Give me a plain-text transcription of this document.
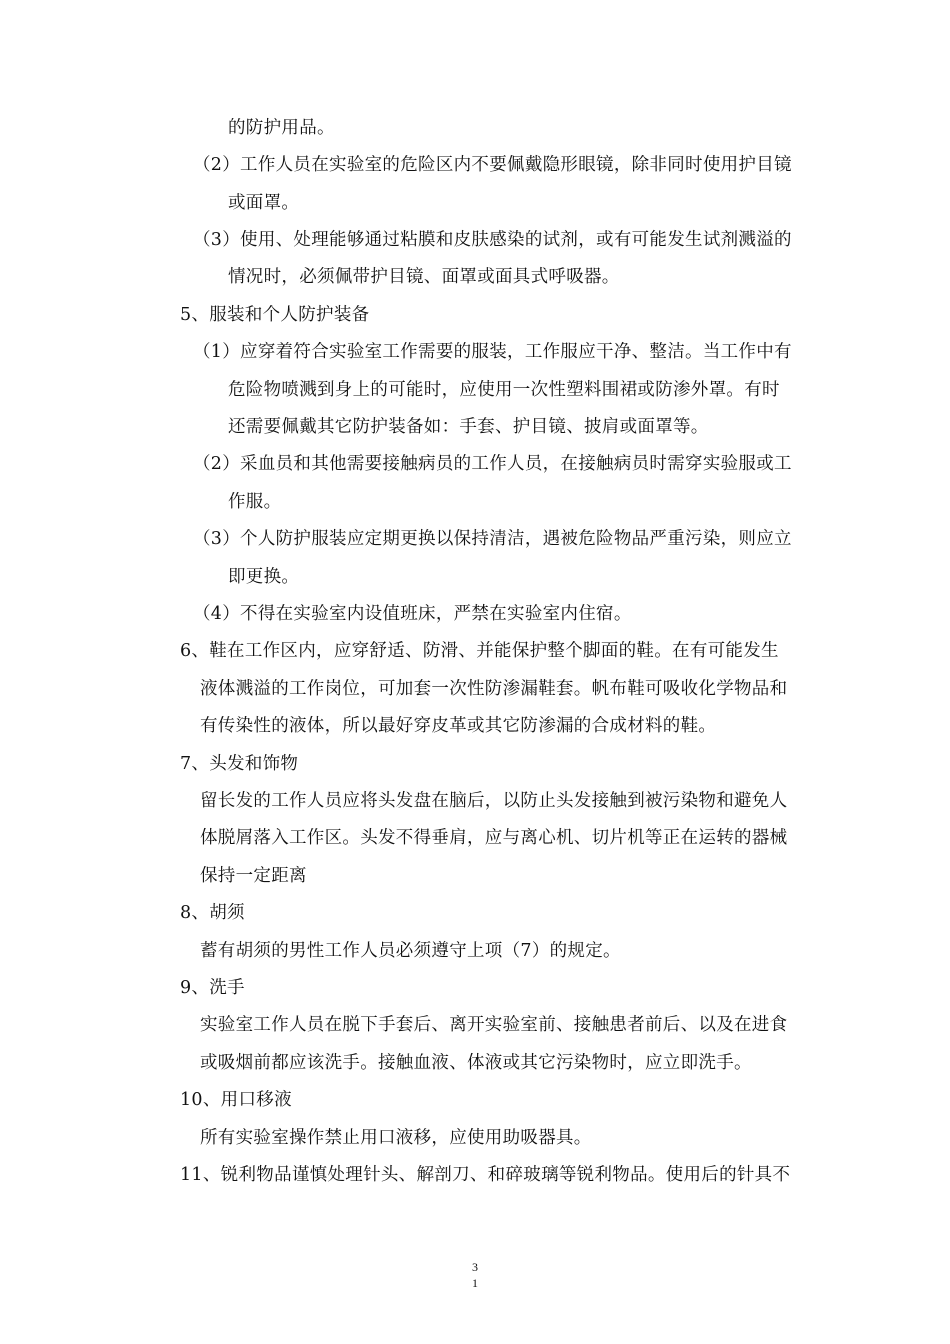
的防护用品。
（2）工作人员在实验室的危险区内不要佩戴隐形眼镜，除非同时使用护目镜
或面罩。
（3）使用、处理能够通过粘膜和皮肤感染的试剂，或有可能发生试剂溅溢的
情况时，必须佩带护目镜、面罩或面具式呼吸器。
5、服装和个人防护装备
（1）应穿着符合实验室工作需要的服装，工作服应干净、整洁。当工作中有
危险物喷溅到身上的可能时，应使用一次性塑料围裙或防渗外罩。有时
还需要佩戴其它防护装备如：手套、护目镜、披肩或面罩等。
（2）采血员和其他需要接触病员的工作人员，在接触病员时需穿实验服或工
作服。
（3）个人防护服装应定期更换以保持清洁，遇被危险物品严重污染，则应立
即更换。
（4）不得在实验室内设值班床，严禁在实验室内住宿。
6、鞋在工作区内，应穿舒适、防滑、并能保护整个脚面的鞋。在有可能发生
液体溅溢的工作岗位，可加套一次性防渗漏鞋套。帆布鞋可吸收化学物品和
有传染性的液体，所以最好穿皮革或其它防渗漏的合成材料的鞋。
7、头发和饰物
留长发的工作人员应将头发盘在脑后，以防止头发接触到被污染物和避免人
体脱屑落入工作区。头发不得垂肩，应与离心机、切片机等正在运转的器械
保持一定距离
8、胡须
蓄有胡须的男性工作人员必须遵守上项（7）的规定。
9、洗手
实验室工作人员在脱下手套后、离开实验室前、接触患者前后、以及在进食
或吸烟前都应该洗手。接触血液、体液或其它污染物时，应立即洗手。
10、用口移液
所有实验室操作禁止用口液移，应使用助吸器具。
11、锐利物品谨慎处理针头、解剖刀、和碎玻璃等锐利物品。使用后的针具不
3
1
